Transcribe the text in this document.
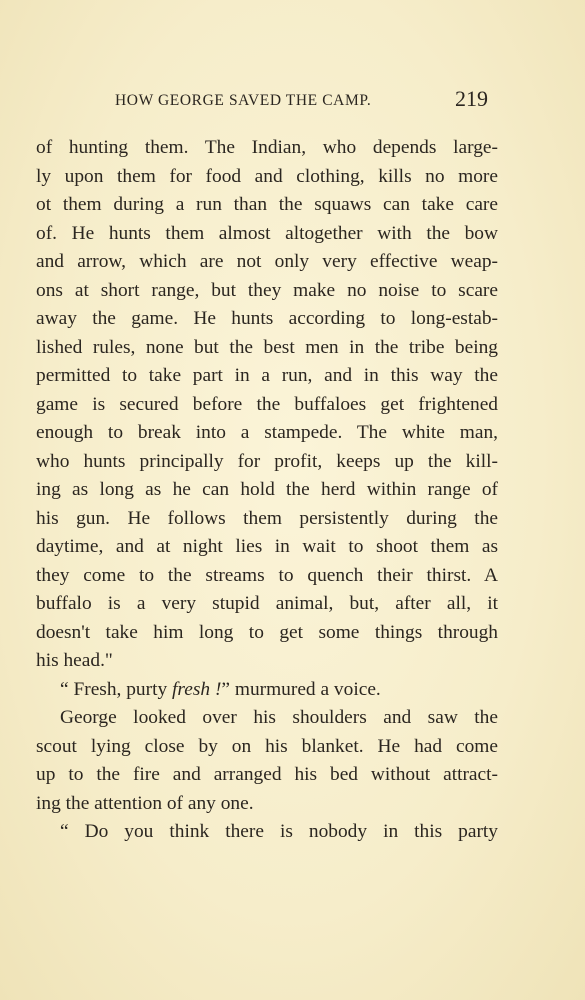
HOW GEORGE SAVED THE CAMP.	219
of hunting them. The Indian, who depends large-
ly upon them for food and clothing, kills no more
ot them during a run than the squaws can take care
of. He hunts them almost altogether with the bow
and arrow, which are not only very effective weap-
ons at short range, but they make no noise to scare
away the game. He hunts according to long-estab-
lished rules, none but the best men in the tribe being
permitted to take part in a run, and in this way the
game is secured before the buffaloes get frightened
enough to break into a stampede. The white man,
who hunts principally for profit, keeps up the kill-
ing as long as he can hold the herd within range of
his gun. He follows them persistently during the
daytime, and at night lies in wait to shoot them as
they come to the streams to quench their thirst. A
buffalo is a very stupid animal, but, after all, it
doesn't take him long to get some things through
his head."
“ Fresh, purty fresh !” murmured a voice.
George looked over his shoulders and saw the
scout lying close by on his blanket. He had come
up to the fire and arranged his bed without attract-
ing the attention of any one.
“ Do you think there is nobody in this party
